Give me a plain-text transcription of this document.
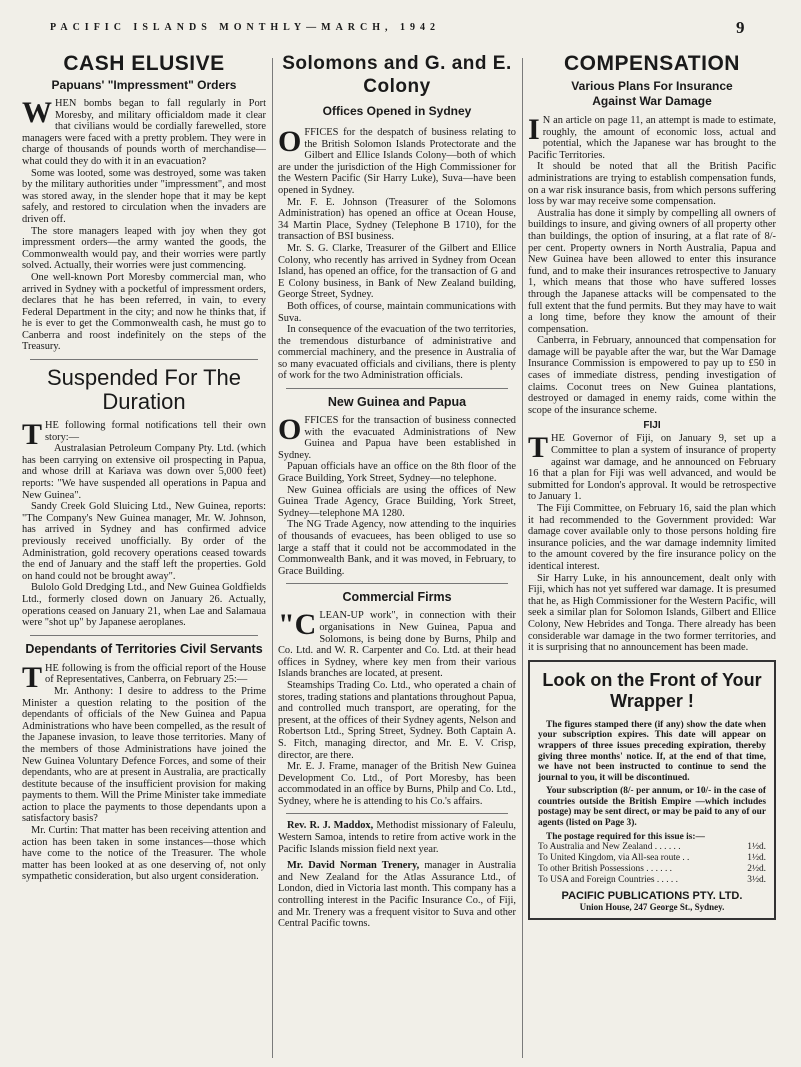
PACIFIC ISLANDS MONTHLY—MARCH, 1942	9
CASH ELUSIVE
Papuans' "Impressment" Orders

WHEN bombs began to fall regularly in Port Moresby, and military officialdom made it clear that civilians would be cordially farewelled, store managers were faced with a pretty problem. They were in charge of thousands of pounds worth of merchandise—what could they do with it in an evacuation?

Some was looted, some was destroyed, some was taken by the military authorities under "impressment", and most was stored away, in the slender hope that it may be kept safely, and restored to circulation when the invaders are driven off.

The store managers leaped with joy when they got impressment orders—the army wanted the goods, the Commonwealth would pay, and their worries were partly solved. Actually, their worries were just commencing.

One well-known Port Moresby commercial man, who arrived in Sydney with a pocketful of impressment orders, declares that he has been referred, in vain, to every Federal Department in the city; and now he thinks that, if he is ever to get the Commonwealth cash, he must go to Canberra and roost indefinitely on the steps of the Treasury.

Suspended For The Duration

THE following formal notifications tell their own story:—

Australasian Petroleum Company Pty. Ltd. (which has been carrying on extensive oil prospecting in Papua, and whose drill at Kariava was down over 5,000 feet) reports: "We have suspended all operations in Papua and New Guinea".

Sandy Creek Gold Sluicing Ltd., New Guinea, reports: "The Company's New Guinea manager, Mr. W. Johnson, has arrived in Sydney and has confirmed advice previously received unofficially. By order of the Administration, gold recovery operations ceased towards the end of January and the staff left the properties. Gold on hand could not be brought away".

Bulolo Gold Dredging Ltd., and New Guinea Goldfields Ltd., formerly closed down on January 26. Actually, operations ceased on January 21, when Lae and Salamaua were "shot up" by Japanese aeroplanes.

Dependants of Territories Civil Servants

THE following is from the official report of the House of Representatives, Canberra, on February 25:—

Mr. Anthony: I desire to address to the Prime Minister a question relating to the position of the dependants of officials of the New Guinea and Papua Administrations who have been compelled, as the result of the Japanese invasion, to leave those territories. Many of the members of those Administrations have joined the New Guinea Voluntary Defence Forces, and some of their dependants, who are at present in Australia, are practically destitute because of the insufficient provision for making payments to them. Will the Prime Minister take immediate action to place the payments to those dependants upon a satisfactory basis?

Mr. Curtin: That matter has been receiving attention and action has been taken in some instances—those which have come to the notice of the Treasurer. The whole matter has been looked at as one deserving of, not only sympathetic consideration, but also urgent consideration.

Solomons and G. and E. Colony
Offices Opened in Sydney

OFFICES for the despatch of business relating to the British Solomon Islands Protectorate and the Gilbert and Ellice Islands Colony—both of which are under the jurisdiction of the High Commissioner for the Western Pacific (Sir Harry Luke), Suva—have been opened in Sydney.

Mr. F. E. Johnson (Treasurer of the Solomons Administration) has opened an office at Ocean House, 34 Martin Place, Sydney (Telephone B 1710), for the transaction of BSI business.

Mr. S. G. Clarke, Treasurer of the Gilbert and Ellice Colony, who recently has arrived in Sydney from Ocean Island, has opened an office, for the transaction of G and E Colony business, in Bank of New Zealand building, George Street, Sydney.

Both offices, of course, maintain communications with Suva.

In consequence of the evacuation of the two territories, the tremendous disturbance of administrative and commercial machinery, and the presence in Australia of so many evacuated officials and civilians, there is plenty of work for the two Administration officials.

New Guinea and Papua

OFFICES for the transaction of business connected with the evacuated Administrations of New Guinea and Papua have been established in Sydney.

Papuan officials have an office on the 8th floor of the Grace Building, York Street, Sydney—no telephone.

New Guinea officials are using the offices of New Guinea Trade Agency, Grace Building, York Street, Sydney—telephone MA 1280.

The NG Trade Agency, now attending to the inquiries of thousands of evacuees, has been obliged to use so large a staff that it could not be accommodated in the Commonwealth Bank, and it was moved, in February, to Grace Building.

Commercial Firms

"CLEAN-UP work", in connection with their organisations in New Guinea, Papua and Solomons, is being done by Burns, Philp and Co. Ltd. and W. R. Carpenter and Co. Ltd. at their head offices in Sydney, where key men from their various Islands branches are located, at present.

Steamships Trading Co. Ltd., who operated a chain of stores, trading stations and plantations throughout Papua, and controlled much transport, are operating, for the present, at the offices of their Sydney agents, Nelson and Robertson Ltd., Spring Street, Sydney. Both Captain A. S. Fitch, managing director, and Mr. E. V. Crisp, director, are there.

Mr. E. J. Frame, manager of the British New Guinea Development Co. Ltd., of Port Moresby, has been accommodated in an office by Burns, Philp and Co. Ltd., Sydney, where he is attending to his Co.'s affairs.

Rev. R. J. Maddox, Methodist missionary of Faleulu, Western Samoa, intends to retire from active work in the Pacific Islands mission field next year.

Mr. David Norman Trenery, manager in Australia and New Zealand for the Atlas Assurance Ltd., of London, died in Victoria last month. This company has a controlling interest in the Pacific Insurance Co., of Fiji, and Mr. Trenery was a frequent visitor to Suva and other Central Pacific towns.

COMPENSATION
Various Plans For Insurance Against War Damage

I N an article on page 11, an attempt is made to estimate, roughly, the amount of economic loss, actual and potential, which the Japanese war has brought to the Pacific Territories.

It should be noted that all the British Pacific administrations are trying to establish compensation funds, on a war risk insurance basis, from which persons suffering loss by war may receive some compensation.

Australia has done it simply by compelling all owners of buildings to insure, and giving owners of all property other than buildings, the option of insuring, at a flat rate of 8/- per cent. Property owners in North Australia, Papua and New Guinea have been allowed to enter this insurance fund, and to make their insurances retrospective to January 1, which means that those who have suffered losses through the Japanese attacks will be compensated to the full extent that the fund permits. But they may have to wait a long time, before they know the amount of their compensation.

Canberra, in February, announced that compensation for damage will be payable after the war, but the War Damage Insurance Commission is empowered to pay up to £50 in cases of immediate distress, pending investigation of claims. Coconut trees on New Guinea plantations, destroyed or damaged in enemy raids, come within the scope of the insurance scheme.

FIJI

THE Governor of Fiji, on January 9, set up a Committee to plan a system of insurance of property against war damage, and he announced on February 16 that a plan for Fiji was well advanced, and would be submitted for London's approval. It would be retrospective to January 1.

The Fiji Committee, on February 16, said the plan which it had recommended to the Government provided: War damage cover available only to those persons holding fire insurance policies, and the war damage indemnity limited to the amount covered by the fire insurance policy on the identical interest.

Sir Harry Luke, in his announcement, dealt only with Fiji, which has not yet suffered war damage. It is presumed that he, as High Commissioner for the Western Pacific, will seek a similar plan for Solomon Islands, Gilbert and Ellice Colony, New Hebrides and Tonga. There already has been considerable war damage in the two former territories, and it is surprising that no announcement has been made.

Look on the Front of Your Wrapper !

The figures stamped there (if any) show the date when your subscription expires. This date will appear on wrappers of three issues preceding expiration, thereby giving three months' notice. If, at the end of that time, we have not been instructed to continue to send the journal to you, it will be discontinued.

Your subscription (8/- per annum, or 10/- in the case of countries outside the British Empire —which includes postage) may be sent direct, or may be paid to any of our agents (listed on Page 3).

The postage required for this issue is:—

To Australia and New Zealand . . . . . .	1½d.
To United Kingdom, via All-sea route . .	1½d.
To other British Possessions . . . . . .	2½d.
To USA and Foreign Countries . . . . .	3½d.
PACIFIC PUBLICATIONS PTY. LTD.
Union House, 247 George St., Sydney.
